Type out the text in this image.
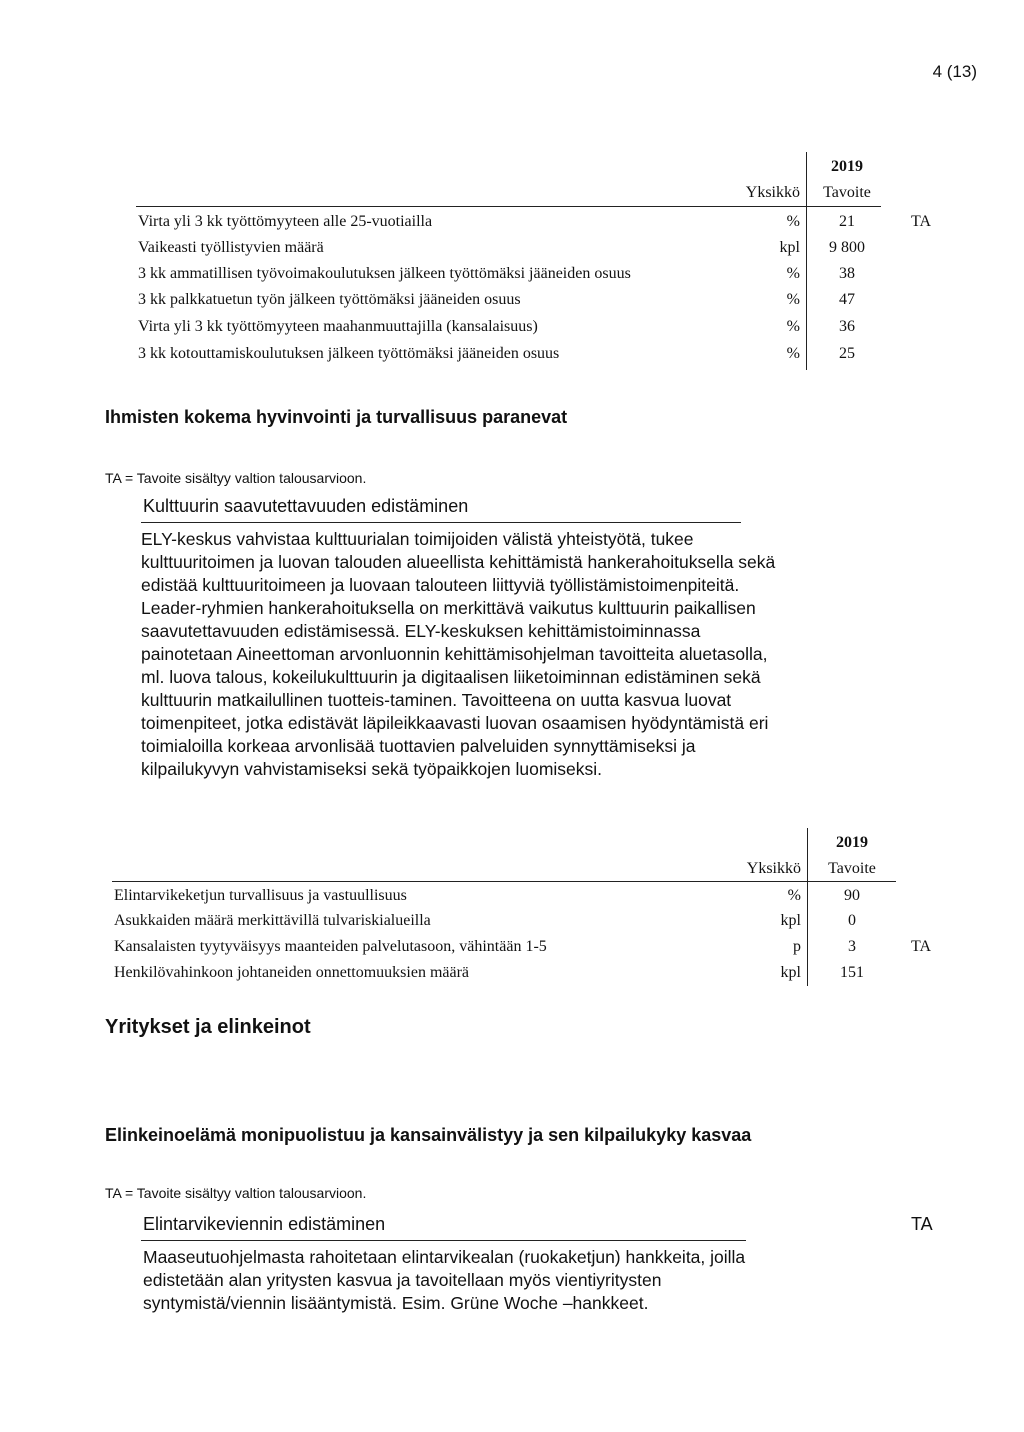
4 (13)
2019
Yksikkö	Tavoite
Virta yli 3 kk työttömyyteen alle 25-vuotiailla	%	21	TA
Vaikeasti työllistyvien määrä	kpl	9 800
3 kk ammatillisen työvoimakoulutuksen jälkeen työttömäksi jääneiden osuus	%	38
3 kk palkkatuetun työn jälkeen työttömäksi jääneiden osuus	%	47
Virta yli 3 kk työttömyyteen maahanmuuttajilla (kansalaisuus)	%	36
3 kk kotouttamiskoulutuksen jälkeen työttömäksi jääneiden osuus	%	25
Ihmisten kokema hyvinvointi ja turvallisuus paranevat
TA = Tavoite sisältyy valtion talousarvioon.
Kulttuurin saavutettavuuden edistäminen
ELY-keskus vahvistaa kulttuurialan toimijoiden välistä yhteistyötä, tukee
kulttuuritoimen ja luovan talouden alueellista kehittämistä hankerahoituksella sekä
edistää kulttuuritoimeen ja luovaan talouteen liittyviä työllistämistoimenpiteitä.
Leader-ryhmien hankerahoituksella on merkittävä vaikutus kulttuurin paikallisen
saavutettavuuden edistämisessä. ELY-keskuksen kehittämistoiminnassa
painotetaan Aineettoman arvonluonnin kehittämisohjelman tavoitteita aluetasolla,
ml. luova talous, kokeilukulttuurin ja digitaalisen liiketoiminnan edistäminen sekä
kulttuurin matkailullinen tuotteis-taminen. Tavoitteena on uutta kasvua luovat
toimenpiteet, jotka edistävät läpileikkaavasti luovan osaamisen hyödyntämistä eri
toimialoilla korkeaa arvonlisää tuottavien palveluiden synnyttämiseksi ja
kilpailukyvyn vahvistamiseksi sekä työpaikkojen luomiseksi.
2019
Yksikkö	Tavoite
Elintarvikeketjun turvallisuus ja vastuullisuus	%	90
Asukkaiden määrä merkittävillä tulvariskialueilla	kpl	0
Kansalaisten tyytyväisyys maanteiden palvelutasoon, vähintään 1-5	p	3	TA
Henkilövahinkoon johtaneiden onnettomuuksien määrä	kpl	151
Yritykset ja elinkeinot
Elinkeinoelämä monipuolistuu ja kansainvälistyy ja sen kilpailukyky kasvaa
TA = Tavoite sisältyy valtion talousarvioon.
Elintarvikeviennin edistäminen	TA
Maaseutuohjelmasta rahoitetaan elintarvikealan (ruokaketjun) hankkeita, joilla
edistetään alan yritysten kasvua ja tavoitellaan myös vientiyritysten
syntymistä/viennin lisääntymistä. Esim. Grüne Woche –hankkeet.
